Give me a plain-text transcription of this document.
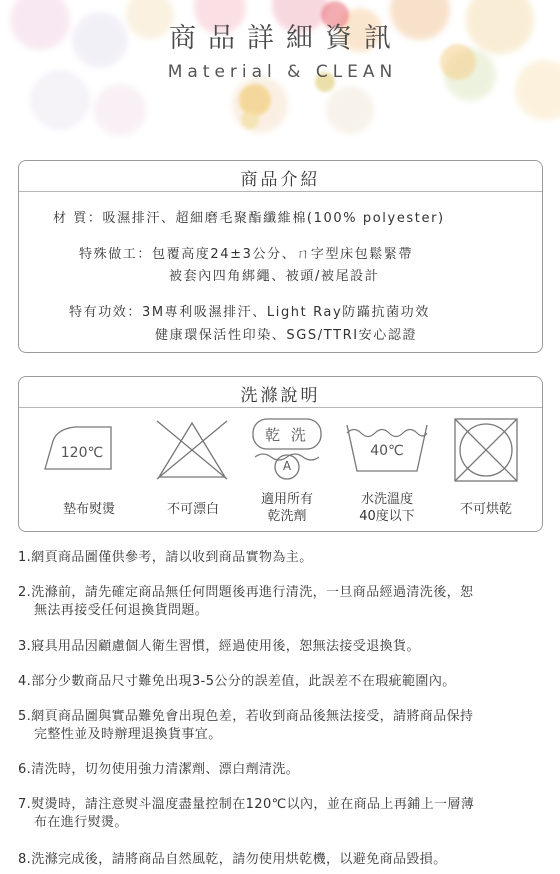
商品詳細資訊
Material & CLEAN
商品介紹
材 質：吸濕排汗、超細磨毛聚酯纖維棉(100% polyester)
特殊做工：包覆高度24±3公分、ㄇ字型床包鬆緊帶
被套內四角綁繩、被頭/被尾設計
特有功效：3M專利吸濕排汗、Light Ray防蹣抗菌功效
健康環保活性印染、SGS/TTRI安心認證
洗滌說明
120℃
乾 洗
A
40℃
墊布熨燙	不可漂白
適用所有
乾洗劑
水洗溫度
40度以下	不可烘乾
1.網頁商品圖僅供參考，請以收到商品實物為主。
2.洗滌前，請先確定商品無任何問題後再進行清洗，一旦商品經過清洗後，恕
無法再接受任何退換貨問題。
3.寢具用品因顧慮個人衛生習慣，經過使用後，恕無法接受退換貨。
4.部分少數商品尺寸難免出現3-5公分的誤差值，此誤差不在瑕疵範圍內。
5.網頁商品圖與實品難免會出現色差，若收到商品後無法接受，請將商品保持
完整性並及時辦理退換貨事宜。
6.清洗時，切勿使用強力清潔劑、漂白劑清洗。
7.熨燙時，請注意熨斗溫度盡量控制在120℃以內，並在商品上再鋪上一層薄
布在進行熨燙。
8.洗滌完成後，請將商品自然風乾，請勿使用烘乾機，以避免商品毀損。
